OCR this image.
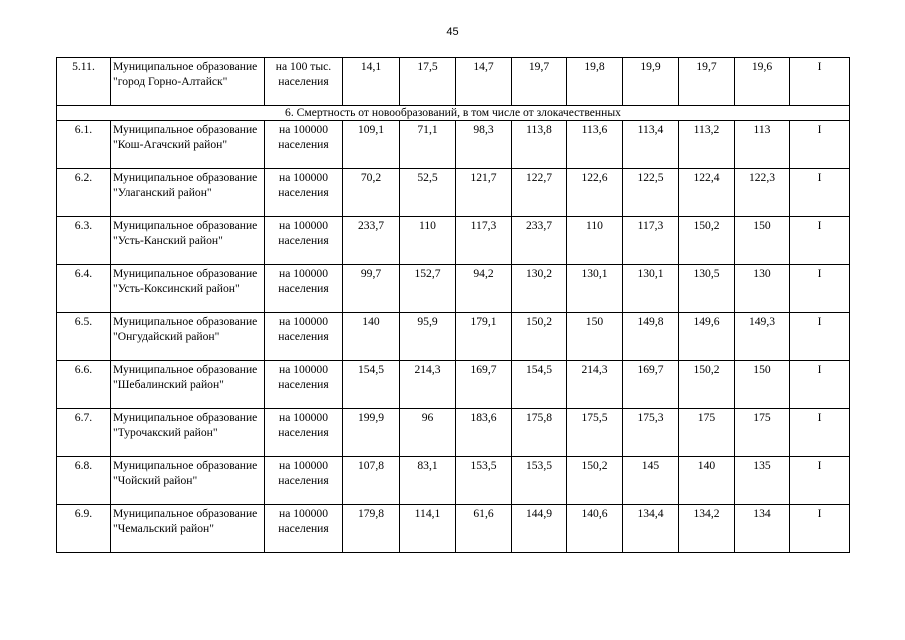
45
5.11.	Муниципальное образование "город Горно-Алтайск"	на 100 тыс. населения	14,1	17,5	14,7	19,7	19,8	19,9	19,7	19,6	I
6. Смертность от новообразований, в том числе от злокачественных											
6.1.	Муниципальное образование "Кош-Агачский район"	на 100000 населения	109,1	71,1	98,3	113,8	113,6	113,4	113,2	113	I
6.2.	Муниципальное образование "Улаганский район"	на 100000 населения	70,2	52,5	121,7	122,7	122,6	122,5	122,4	122,3	I
6.3.	Муниципальное образование "Усть-Канский район"	на 100000 населения	233,7	110	117,3	233,7	110	117,3	150,2	150	I
6.4.	Муниципальное образование "Усть-Коксинский район"	на 100000 населения	99,7	152,7	94,2	130,2	130,1	130,1	130,5	130	I
6.5.	Муниципальное образование "Онгудайский район"	на 100000 населения	140	95,9	179,1	150,2	150	149,8	149,6	149,3	I
6.6.	Муниципальное образование "Шебалинский район"	на 100000 населения	154,5	214,3	169,7	154,5	214,3	169,7	150,2	150	I
6.7.	Муниципальное образование "Турочакский район"	на 100000 населения	199,9	96	183,6	175,8	175,5	175,3	175	175	I
6.8.	Муниципальное образование "Чойский район"	на 100000 населения	107,8	83,1	153,5	153,5	150,2	145	140	135	I
6.9.	Муниципальное образование "Чемальский район"	на 100000 населения	179,8	114,1	61,6	144,9	140,6	134,4	134,2	134	I
